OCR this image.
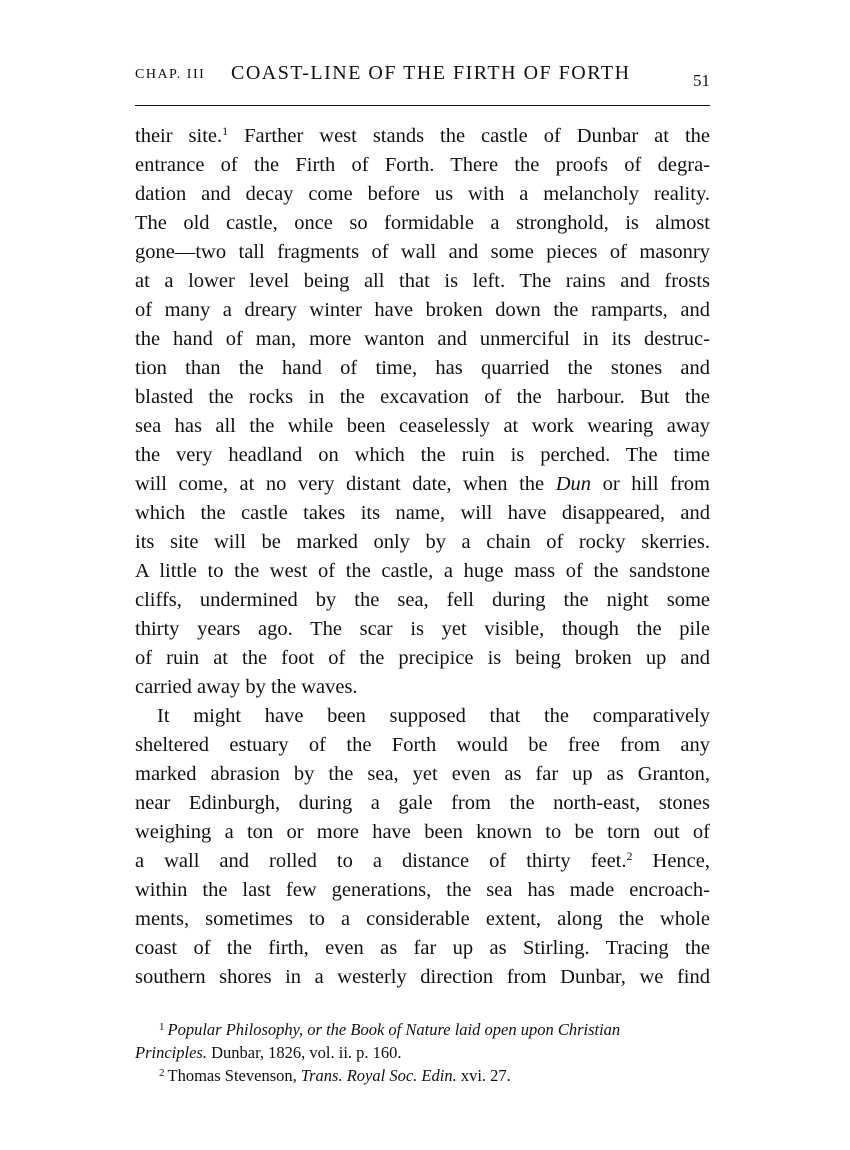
CHAP. III COAST-LINE OF THE FIRTH OF FORTH	51
their site.$^1$ Farther west stands the castle of Dunbar at the
entrance of the Firth of Forth. There the proofs of degra-
dation and decay come before us with a melancholy reality.
The old castle, once so formidable a stronghold, is almost
gone—two tall fragments of wall and some pieces of masonry
at a lower level being all that is left. The rains and frosts
of many a dreary winter have broken down the ramparts, and
the hand of man, more wanton and unmerciful in its destruc-
tion than the hand of time, has quarried the stones and
blasted the rocks in the excavation of the harbour. But the
sea has all the while been ceaselessly at work wearing away
the very headland on which the ruin is perched. The time
will come, at no very distant date, when the Dun or hill from
which the castle takes its name, will have disappeared, and
its site will be marked only by a chain of rocky skerries.
A little to the west of the castle, a huge mass of the sandstone
cliffs, undermined by the sea, fell during the night some
thirty years ago. The scar is yet visible, though the pile
of ruin at the foot of the precipice is being broken up and
carried away by the waves.
It might have been supposed that the comparatively
sheltered estuary of the Forth would be free from any
marked abrasion by the sea, yet even as far up as Granton,
near Edinburgh, during a gale from the north-east, stones
weighing a ton or more have been known to be torn out of
a wall and rolled to a distance of thirty feet.$^2$ Hence,
within the last few generations, the sea has made encroach-
ments, sometimes to a considerable extent, along the whole
coast of the firth, even as far up as Stirling. Tracing the
southern shores in a westerly direction from Dunbar, we find
$^1$ Popular Philosophy, or the Book of Nature laid open upon Christian
Principles. Dunbar, 1826, vol. ii. p. 160.
$^2$ Thomas Stevenson, Trans. Royal Soc. Edin. xvi. 27.
